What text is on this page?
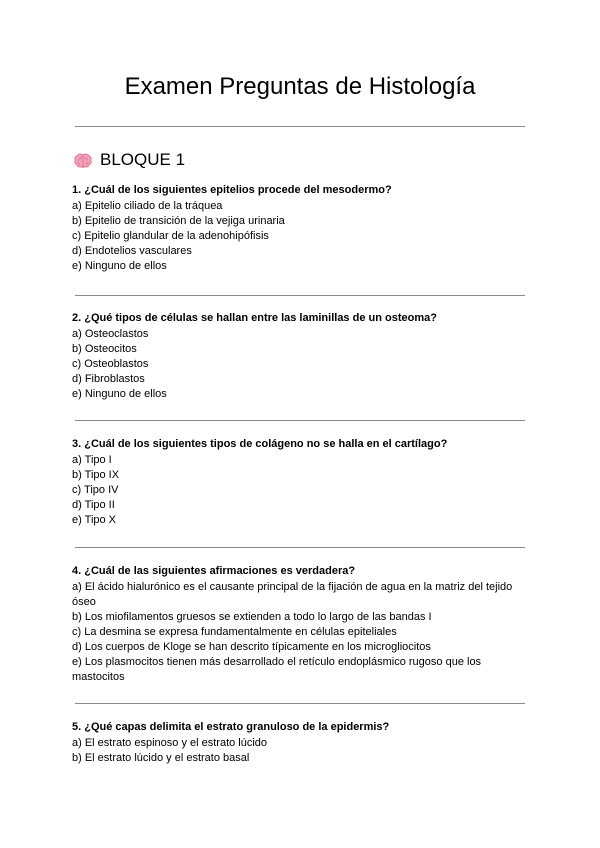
Examen Preguntas de Histología
BLOQUE 1

1. ¿Cuál de los siguientes epitelios procede del mesodermo?

a) Epitelio ciliado de la tráquea

b) Epitelio de transición de la vejiga urinaria

c) Epitelio glandular de la adenohipófisis

d) Endotelios vasculares

e) Ninguno de ellos

2. ¿Qué tipos de células se hallan entre las laminillas de un osteoma?

a) Osteoclastos

b) Osteocitos

c) Osteoblastos

d) Fibroblastos

e) Ninguno de ellos

3. ¿Cuál de los siguientes tipos de colágeno no se halla en el cartílago?

a) Tipo I

b) Tipo IX

c) Tipo IV

d) Tipo II

e) Tipo X

4. ¿Cuál de las siguientes afirmaciones es verdadera?

a) El ácido hialurónico es el causante principal de la fijación de agua en la matriz del tejido óseo

b) Los miofilamentos gruesos se extienden a todo lo largo de las bandas I

c) La desmina se expresa fundamentalmente en células epiteliales

d) Los cuerpos de Kloge se han descrito típicamente en los microgliocitos

e) Los plasmocitos tienen más desarrollado el retículo endoplásmico rugoso que los mastocitos

5. ¿Qué capas delimita el estrato granuloso de la epidermis?

a) El estrato espinoso y el estrato lúcido

b) El estrato lúcido y el estrato basal
